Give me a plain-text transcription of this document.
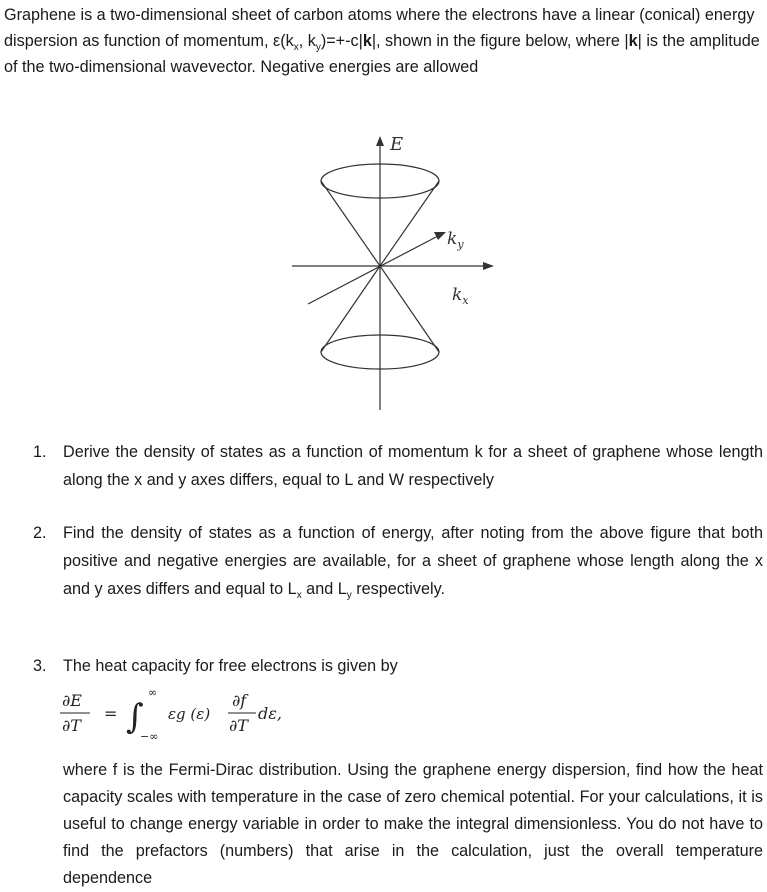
Graphene is a two-dimensional sheet of carbon atoms where the electrons have a linear (conical) energy dispersion as function of momentum, $\varepsilon(k_x$, $k_y)=+-c|k|$, shown in the figure below, where |k| is the amplitude of the two-dimensional wavevector. Negative energies are allowed

E
$k_x$
$k_y$
1. Derive the density of states as a function of momentum k for a sheet of graphene whose length along the x and y axes differs, equal to L and W respectively
2. Find the density of states as a function of energy, after noting from the above figure that both positive and negative energies are available, for a sheet of graphene whose length along the x and y axes differs and equal to $L_x$ and $L_y$ respectively.
3. The heat capacity for free electrons is given by
∂E
∂T
= ∫
∞
−∞
εg (ε)
∂f
∂T
dε,
where f is the Fermi-Dirac distribution. Using the graphene energy dispersion, find how the heat capacity scales with temperature in the case of zero chemical potential. For your calculations, it is useful to change energy variable in order to make the integral dimensionless. You do not have to find the prefactors (numbers) that arise in the calculation, just the overall temperature dependence
